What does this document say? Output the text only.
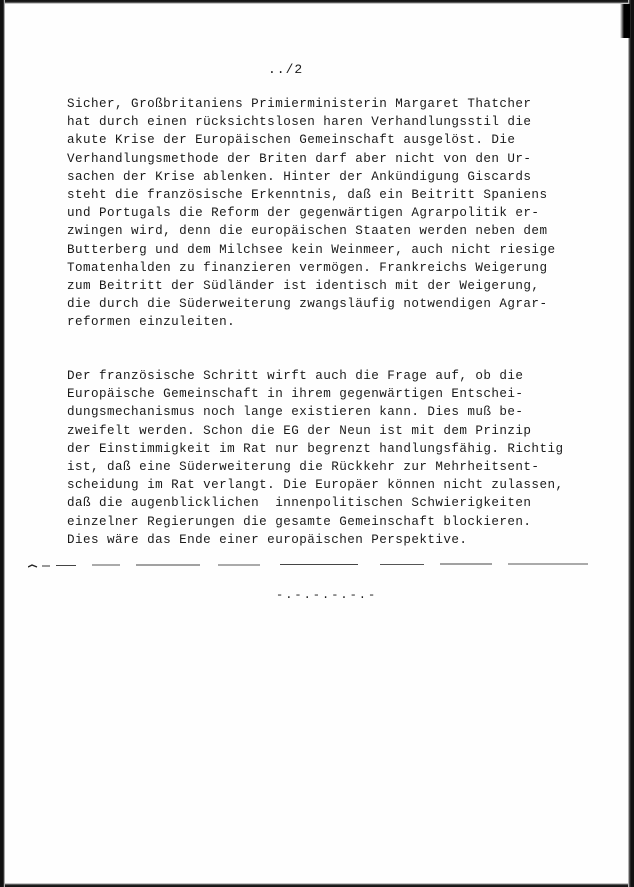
../2
Sicher, Großbritaniens Primierministerin Margaret Thatcher
hat durch einen rücksichtslosen haren Verhandlungsstil die
akute Krise der Europäischen Gemeinschaft ausgelöst. Die
Verhandlungsmethode der Briten darf aber nicht von den Ur-
sachen der Krise ablenken. Hinter der Ankündigung Giscards
steht die französische Erkenntnis, daß ein Beitritt Spaniens
und Portugals die Reform der gegenwärtigen Agrarpolitik er-
zwingen wird, denn die europäischen Staaten werden neben dem
Butterberg und dem Milchsee kein Weinmeer, auch nicht riesige
Tomatenhalden zu finanzieren vermögen. Frankreichs Weigerung
zum Beitritt der Südländer ist identisch mit der Weigerung,
die durch die Süderweiterung zwangsläufig notwendigen Agrar-
reformen einzuleiten.
Der französische Schritt wirft auch die Frage auf, ob die
Europäische Gemeinschaft in ihrem gegenwärtigen Entschei-
dungsmechanismus noch lange existieren kann. Dies muß be-
zweifelt werden. Schon die EG der Neun ist mit dem Prinzip
der Einstimmigkeit im Rat nur begrenzt handlungsfähig. Richtig
ist, daß eine Süderweiterung die Rückkehr zur Mehrheitsent-
scheidung im Rat verlangt. Die Europäer können nicht zulassen,
daß die augenblicklichen  innenpolitischen Schwierigkeiten
einzelner Regierungen die gesamte Gemeinschaft blockieren.
Dies wäre das Ende einer europäischen Perspektive.
-.-.-.-.-.-
